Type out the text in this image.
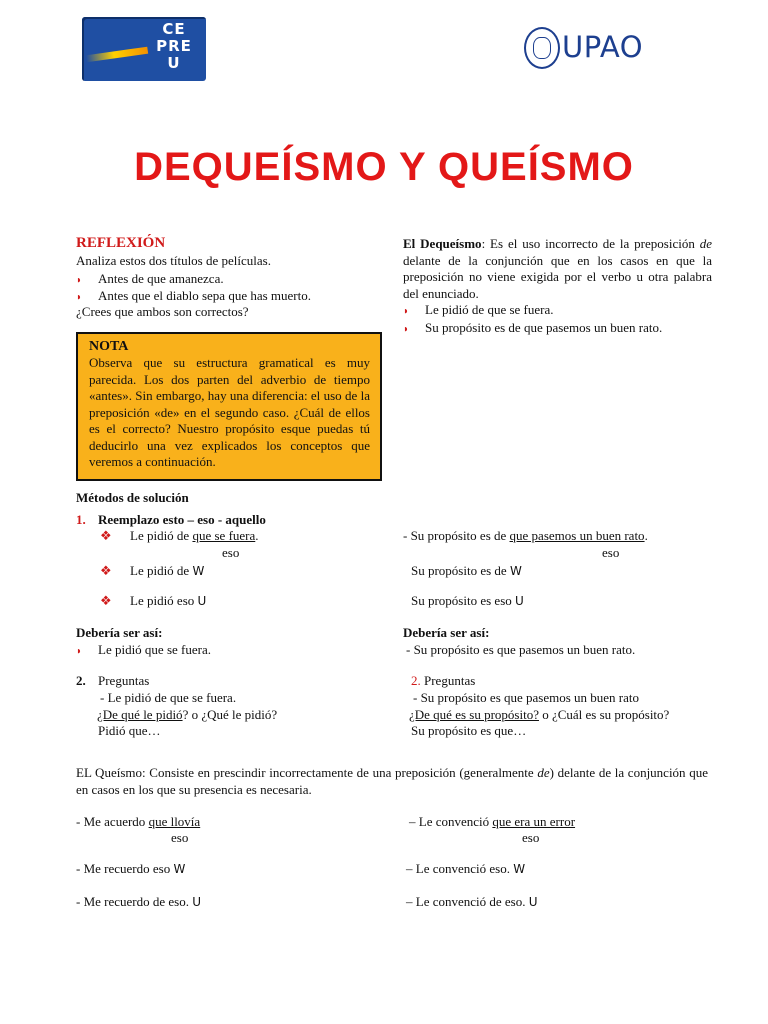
CE
PRE
U	UPAO
DEQUEÍSMO Y QUEÍSMO
REFLEXIÓN
Analiza estos dos títulos de películas.
◗ Antes de que amanezca.
◗ Antes que el diablo sepa que has muerto.
¿Crees que ambos son correctos?
NOTA
Observa que su estructura gramatical es muy parecida. Los dos parten del adverbio de tiempo «antes». Sin embargo, hay una diferencia: el uso de la preposición «de» en el segundo caso. ¿Cuál de ellos es el correcto? Nuestro propósito esque puedas tú deducirlo una vez explicados los conceptos que veremos a continuación.
El Dequeísmo: Es el uso incorrecto de la preposición de delante de la conjunción que en los casos en que la preposición no viene exigida por el verbo u otra palabra del enunciado.
◗ Le pidió de que se fuera.
◗ Su propósito es de que pasemos un buen rato.
Métodos de solución
1. Reemplazo esto – eso - aquello
❖ Le pidió de que se fuera.
eso
❖ Le pidió de W
❖ Le pidió eso U
- Su propósito es de que pasemos un buen rato.
eso
Su propósito es de W
Su propósito es eso U
Debería ser así:	Debería ser así:
◗ Le pidió que se fuera.	- Su propósito es que pasemos un buen rato.
2. Preguntas
- Le pidió de que se fuera.
¿De qué le pidió? o ¿Qué le pidió?
Pidió que…
2. Preguntas
- Su propósito es que pasemos un buen rato
¿De qué es su propósito? o ¿Cuál es su propósito?
Su propósito es que…
EL Queísmo: Consiste en prescindir incorrectamente de una preposición (generalmente de) delante de la conjunción que en casos en los que su presencia es necesaria.
- Me acuerdo que llovía
eso
- Me recuerdo eso W
- Me recuerdo de eso. U
– Le convenció que era un error
eso
– Le convenció eso. W
– Le convenció de eso. U
